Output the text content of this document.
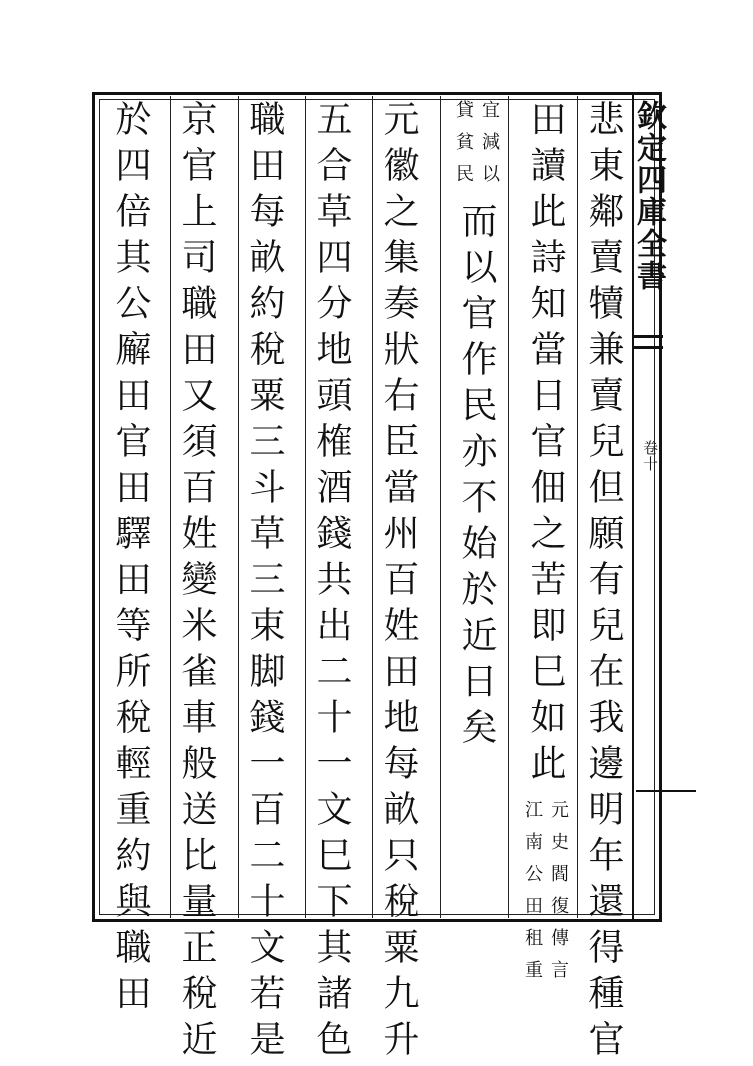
欽定四庫全書
卷十
悲東鄰賣犢兼賣兒但願有兒在我邊明年還得種官
田讀此詩知當日官佃之苦即巳如此
元史閻復傳言
江南公田租重
宜減以
貸貧民
而以官作民亦不始於近日矣
元徽之集奏狀右臣當州百姓田地每畝只稅粟九升
五合草四分地頭榷酒錢共出二十一文巳下其諸色
職田每畝約稅粟三斗草三束脚錢一百二十文若是
京官上司職田又須百姓變米雀車般送比量正稅近
於四倍其公廨田官田驛田等所稅輕重約與職田
